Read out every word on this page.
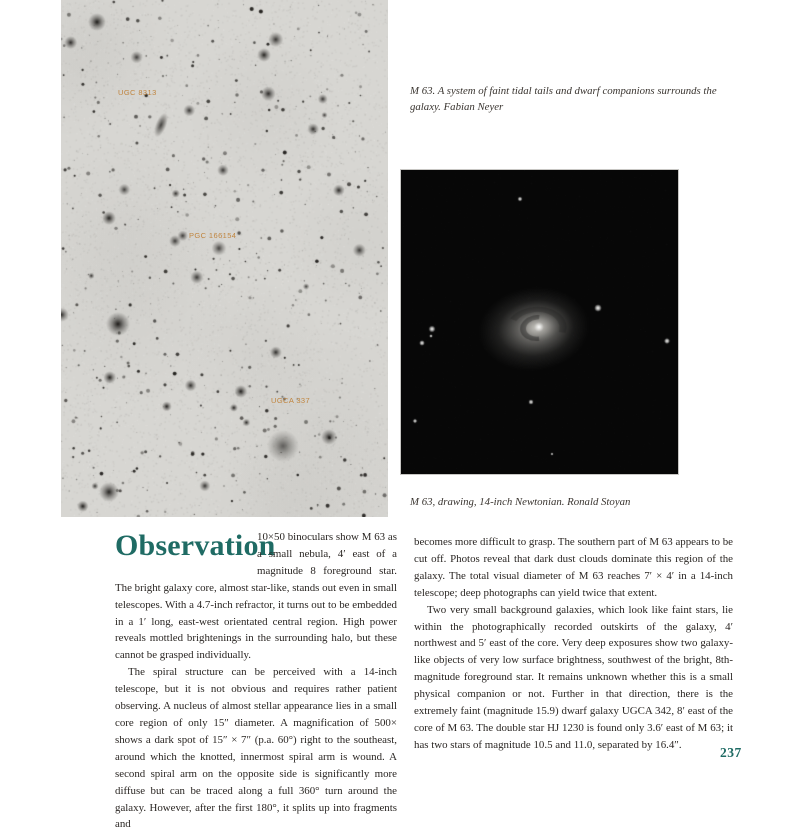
UGC 8313
PGC 166154
UGCA 337
M 63. A system of faint tidal tails and dwarf companions surrounds the galaxy. Fabian Neyer
M 63, drawing, 14-inch Newtonian. Ronald Stoyan
Observation

10×50 binoculars show M 63 as a small nebula, 4′ east of a magnitude 8 foreground star. The bright galaxy core, almost star-like, stands out even in small telescopes. With a 4.7-inch refractor, it turns out to be embedded in a 1′ long, east-west orientated central region. High power reveals mottled brightenings in the surrounding halo, but these cannot be grasped individually.

The spiral structure can be perceived with a 14-inch telescope, but it is not obvious and requires rather patient observing. A nucleus of almost stellar appearance lies in a small core region of only 15″ diameter. A magnification of 500× shows a dark spot of 15″ × 7″ (p.a. 60°) right to the southeast, around which the knotted, innermost spiral arm is wound. A second spiral arm on the opposite side is significantly more diffuse but can be traced along a full 360° turn around the galaxy. However, after the first 180°, it splits up into fragments and

becomes more difficult to grasp. The southern part of M 63 appears to be cut off. Photos reveal that dark dust clouds dominate this region of the galaxy. The total visual diameter of M 63 reaches 7′ × 4′ in a 14-inch telescope; deep photographs can yield twice that extent.

Two very small background galaxies, which look like faint stars, lie within the photographically recorded outskirts of the galaxy, 4′ northwest and 5′ east of the core. Very deep exposures show two galaxy-like objects of very low surface brightness, southwest of the bright, 8th-magnitude foreground star. It remains unknown whether this is a small physical companion or not. Further in that direction, there is the extremely faint (magnitude 15.9) dwarf galaxy UGCA 342, 8′ east of the core of M 63. The double star HJ 1230 is found only 3.6′ east of M 63; it has two stars of magnitude 10.5 and 11.0, separated by 16.4″.

237
